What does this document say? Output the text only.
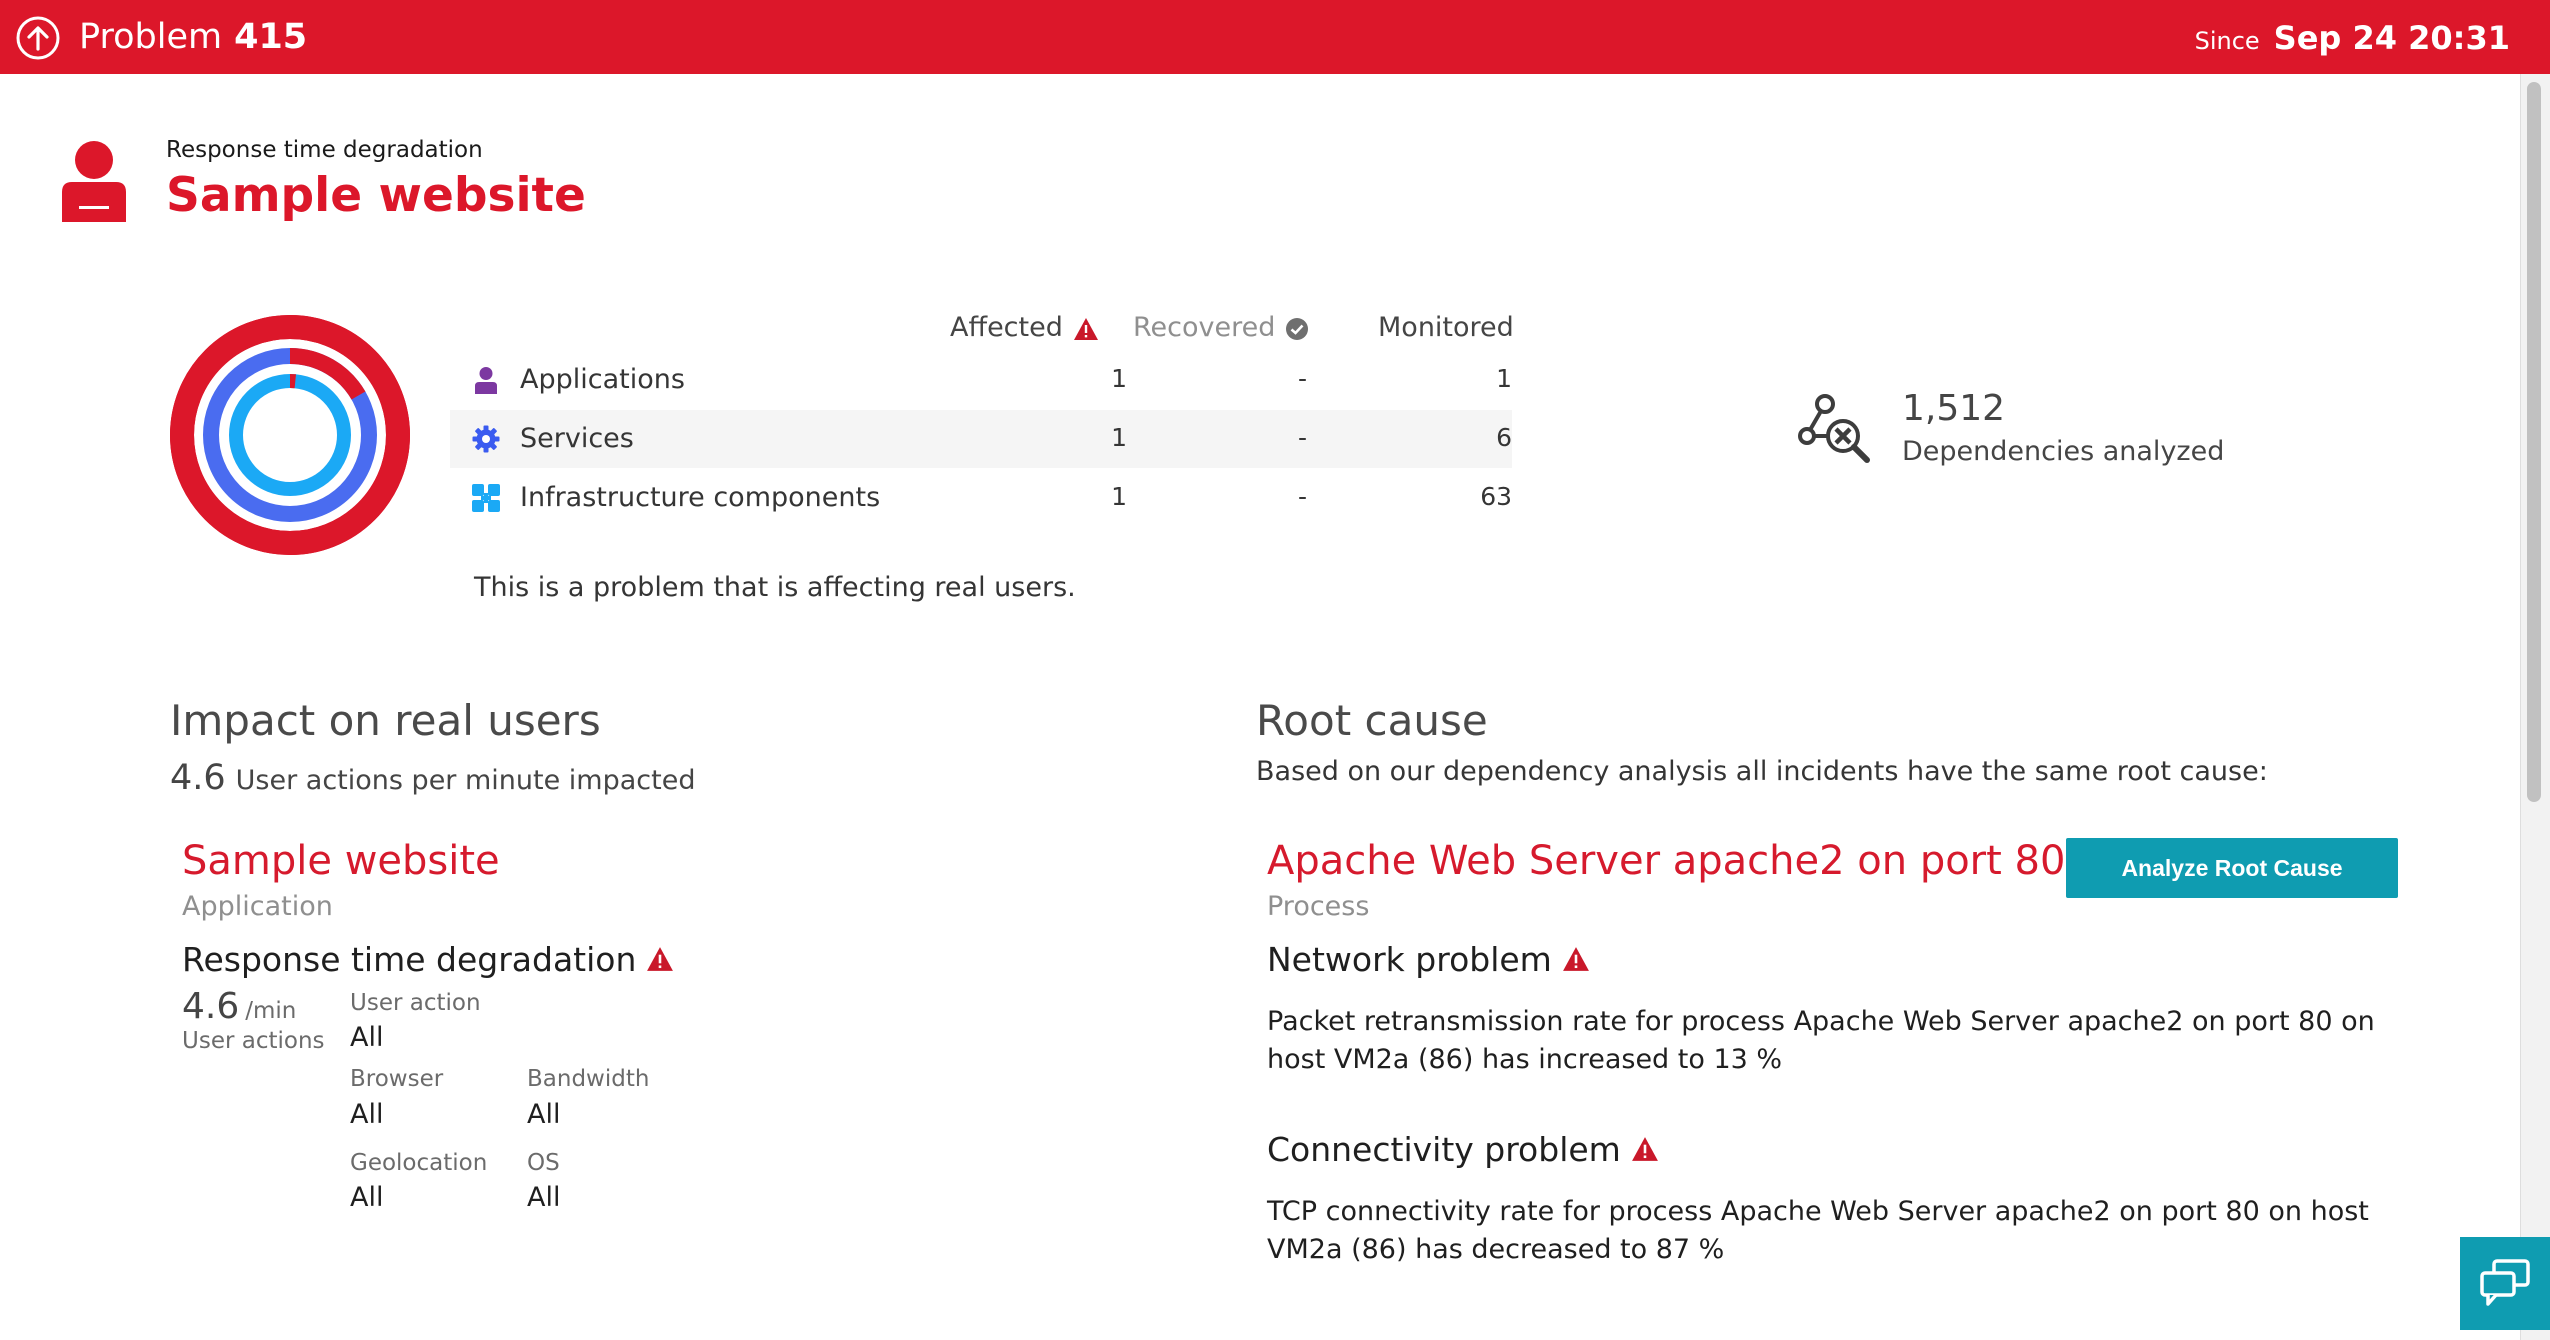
Problem 415	Since Sep 24 20:31
Response time degradation
Sample website
Affected	Recovered	Monitored
Applications	1	-	1
Services	1	-	6
Infrastructure components	1	-	63
This is a problem that is affecting real users.
1,512
Dependencies analyzed
Impact on real users
4.6 User actions per minute impacted
Sample website
Application
Response time degradation
4.6 /min
User actions
User action
All
Browser
All
Bandwidth
All
Geolocation
All
OS
All
Root cause
Based on our dependency analysis all incidents have the same root cause:
Apache Web Server apache2 on port 80
Process
Analyze Root Cause
Network problem
Packet retransmission rate for process Apache Web Server apache2 on port 80 on host VM2a (86) has increased to 13 %
Connectivity problem
TCP connectivity rate for process Apache Web Server apache2 on port 80 on host VM2a (86) has decreased to 87 %
